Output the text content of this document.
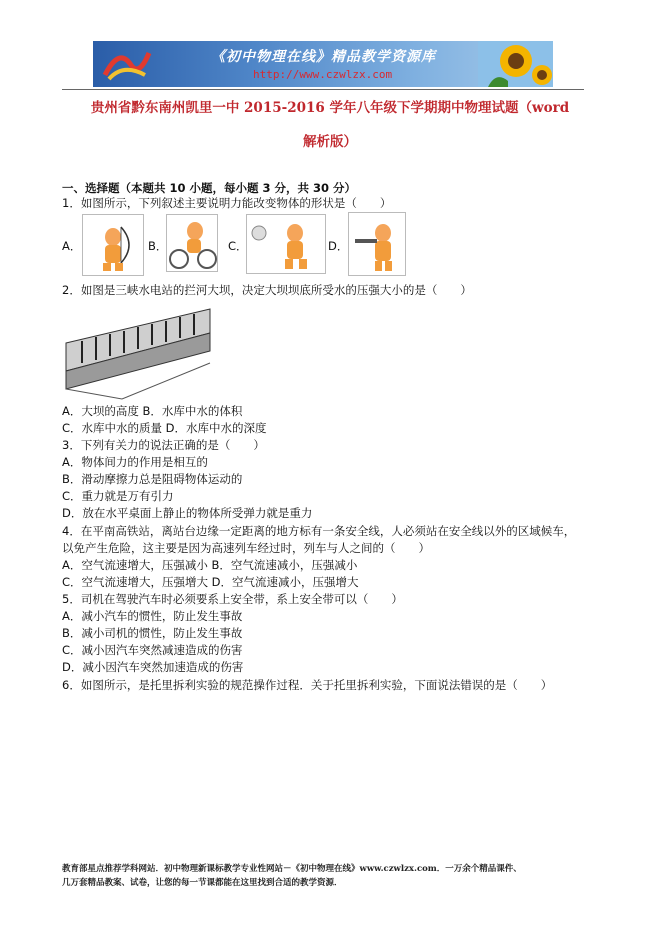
《初中物理在线》精品教学资源库
http://www.czwlzx.com
贵州省黔东南州凯里一中 2015-2016 学年八年级下学期期中物理试题（word
解析版）
一、选择题（本题共 10 小题，每小题 3 分，共 30 分）
1．如图所示，下列叙述主要说明力能改变物体的形状是（　　）
A．	B．	C．	D．
2．如图是三峡水电站的拦河大坝，决定大坝坝底所受水的压强大小的是（　　）
A．大坝的高度 B．水库中水的体积
C．水库中水的质量 D．水库中水的深度
3．下列有关力的说法正确的是（　　）
A．物体间力的作用是相互的
B．滑动摩擦力总是阻碍物体运动的
C．重力就是万有引力
D．放在水平桌面上静止的物体所受弹力就是重力
4．在平南高铁站，离站台边缘一定距离的地方标有一条安全线，人必须站在安全线以外的区域候车，
以免产生危险，这主要是因为高速列车经过时，列车与人之间的（　　）
A．空气流速增大，压强减小 B．空气流速减小，压强减小
C．空气流速增大，压强增大 D．空气流速减小，压强增大
5．司机在驾驶汽车时必须要系上安全带，系上安全带可以（　　）
A．减小汽车的惯性，防止发生事故
B．减小司机的惯性，防止发生事故
C．减小因汽车突然减速造成的伤害
D．减小因汽车突然加速造成的伤害
6．如图所示，是托里拆利实验的规范操作过程．关于托里拆利实验，下面说法错误的是（　　）
教育部星点推荐学科网站．初中物理新课标教学专业性网站－《初中物理在线》www.czwlzx.com．一万余个精品课件、
几万套精品教案、试卷，让您的每一节课都能在这里找到合适的教学资源．
